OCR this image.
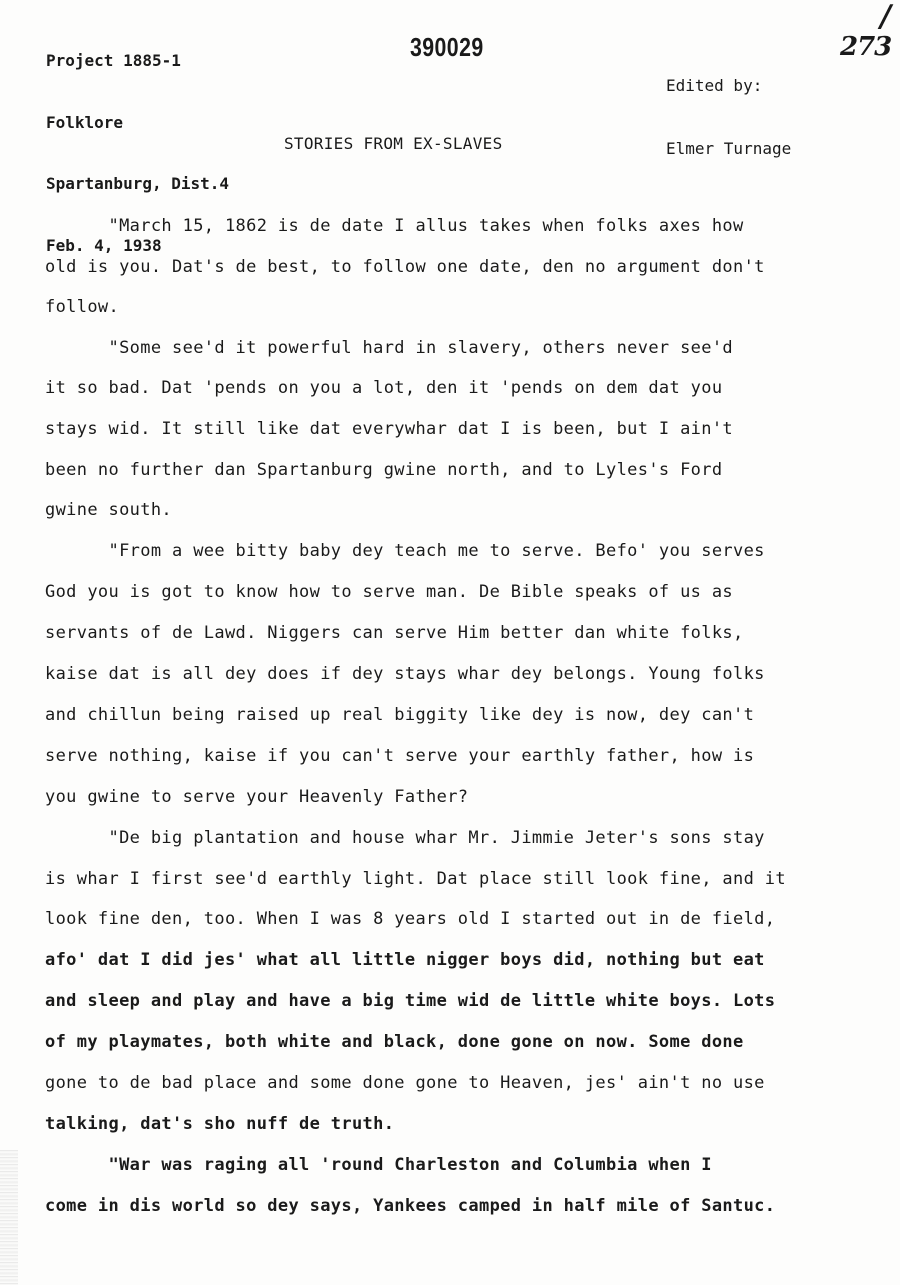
Project 1885-1

Folklore

Spartanburg, Dist.4

Feb. 4, 1938

390029

Edited by:

Elmer Turnage

273
/
STORIES FROM EX-SLAVES
"March 15, 1862 is de date I allus takes when folks axes how
old is you. Dat's de best, to follow one date, den no argument don't
follow.
"Some see'd it powerful hard in slavery, others never see'd
it so bad. Dat 'pends on you a lot, den it 'pends on dem dat you
stays wid. It still like dat everywhar dat I is been, but I ain't
been no further dan Spartanburg gwine north, and to Lyles's Ford
gwine south.
"From a wee bitty baby dey teach me to serve. Befo' you serves
God you is got to know how to serve man. De Bible speaks of us as
servants of de Lawd. Niggers can serve Him better dan white folks,
kaise dat is all dey does if dey stays whar dey belongs. Young folks
and chillun being raised up real biggity like dey is now, dey can't
serve nothing, kaise if you can't serve your earthly father, how is
you gwine to serve your Heavenly Father?
"De big plantation and house whar Mr. Jimmie Jeter's sons stay
is whar I first see'd earthly light. Dat place still look fine, and it
look fine den, too. When I was 8 years old I started out in de field,
afo' dat I did jes' what all little nigger boys did, nothing but eat
and sleep and play and have a big time wid de little white boys. Lots
of my playmates, both white and black, done gone on now. Some done
gone to de bad place and some done gone to Heaven, jes' ain't no use
talking, dat's sho nuff de truth.
"War was raging all 'round Charleston and Columbia when I
come in dis world so dey says, Yankees camped in half mile of Santuc.
